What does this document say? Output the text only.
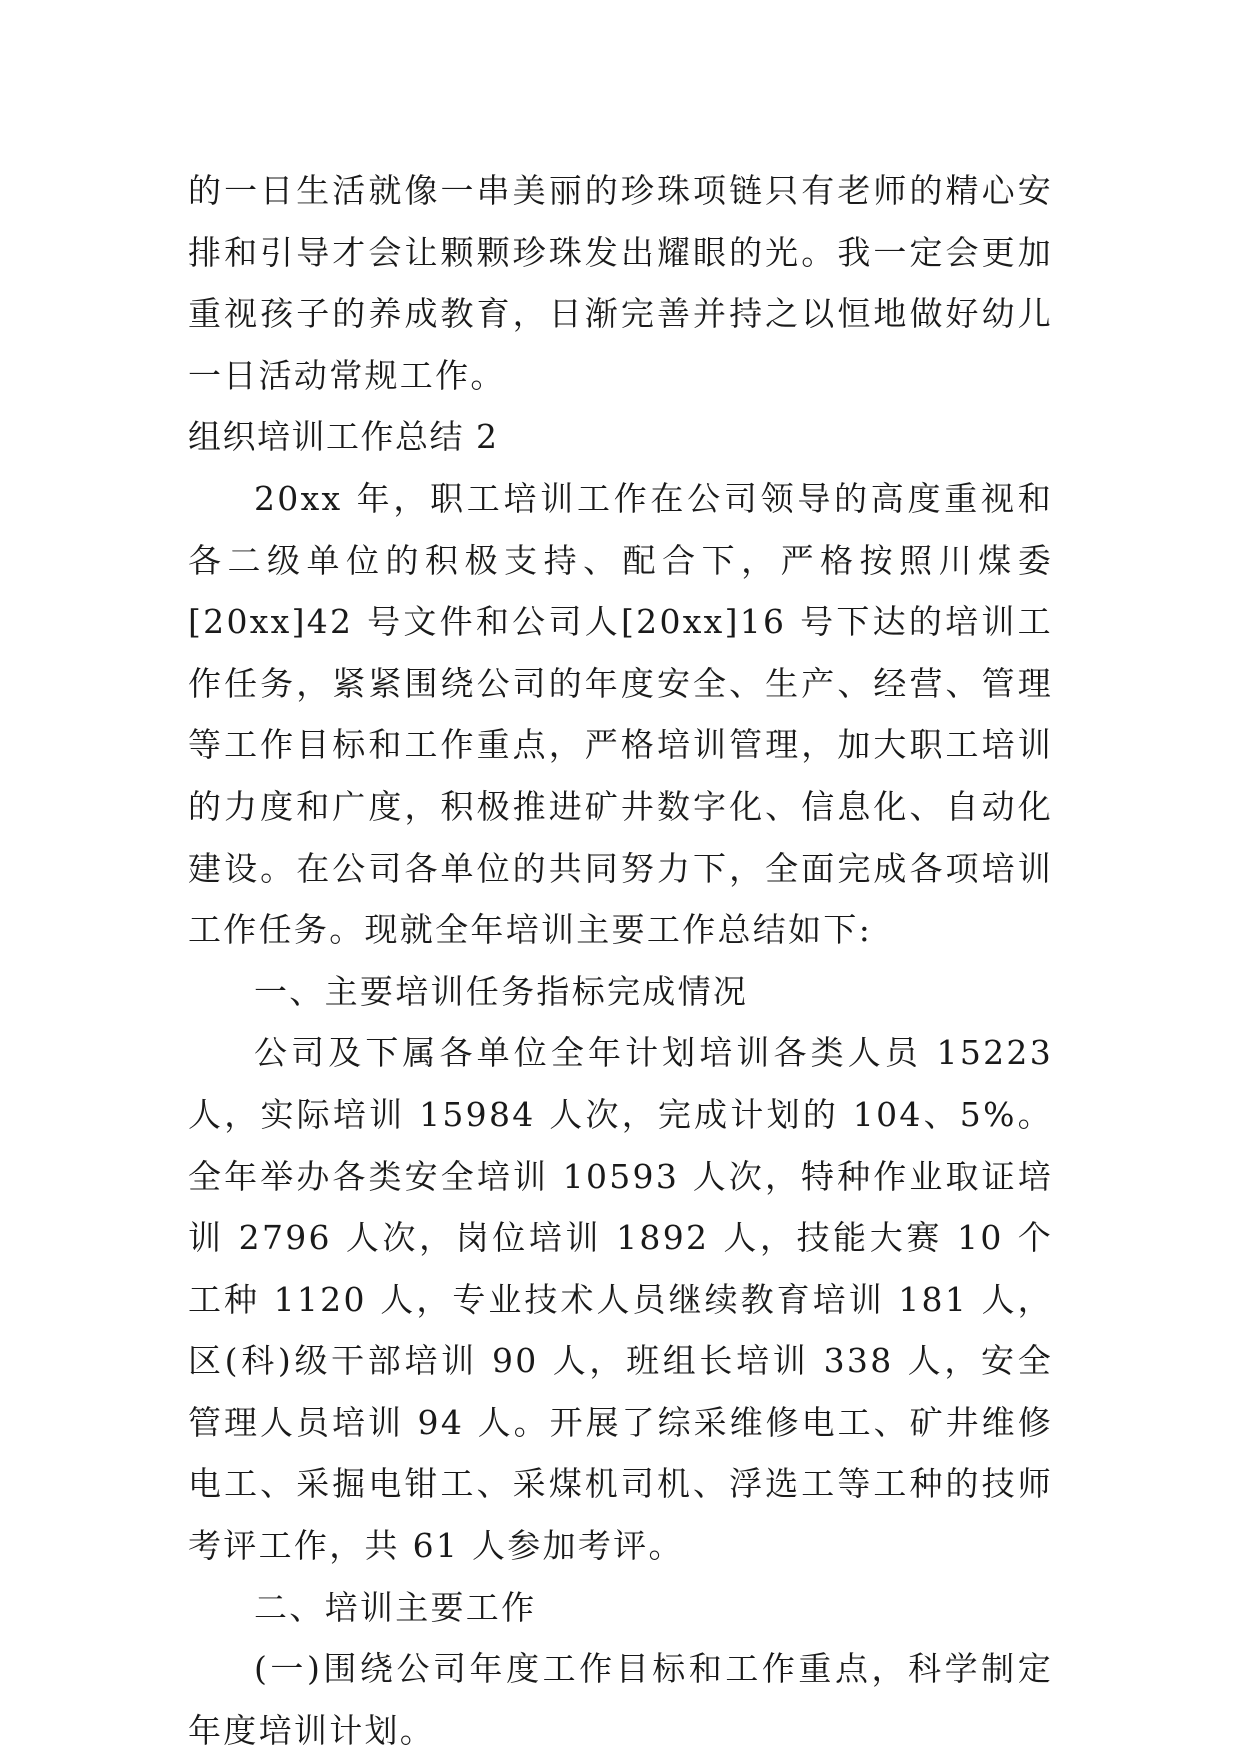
的一日生活就像一串美丽的珍珠项链只有老师的精心安排和引导才会让颗颗珍珠发出耀眼的光。我一定会更加重视孩子的养成教育，日渐完善并持之以恒地做好幼儿一日活动常规工作。

组织培训工作总结 2

20xx 年，职工培训工作在公司领导的高度重视和各二级单位的积极支持、配合下，严格按照川煤委[20xx]42 号文件和公司人[20xx]16 号下达的培训工作任务，紧紧围绕公司的年度安全、生产、经营、管理等工作目标和工作重点，严格培训管理，加大职工培训的力度和广度，积极推进矿井数字化、信息化、自动化建设。在公司各单位的共同努力下，全面完成各项培训工作任务。现就全年培训主要工作总结如下:

一、主要培训任务指标完成情况

公司及下属各单位全年计划培训各类人员 15223 人，实际培训 15984 人次，完成计划的 104、5%。全年举办各类安全培训 10593 人次，特种作业取证培训 2796 人次，岗位培训 1892 人，技能大赛 10 个工种 1120 人，专业技术人员继续教育培训 181 人，区(科)级干部培训 90 人，班组长培训 338 人，安全管理人员培训 94 人。开展了综采维修电工、矿井维修电工、采掘电钳工、采煤机司机、浮选工等工种的技师考评工作，共 61 人参加考评。

二、培训主要工作

(一)围绕公司年度工作目标和工作重点，科学制定年度培训计划。
